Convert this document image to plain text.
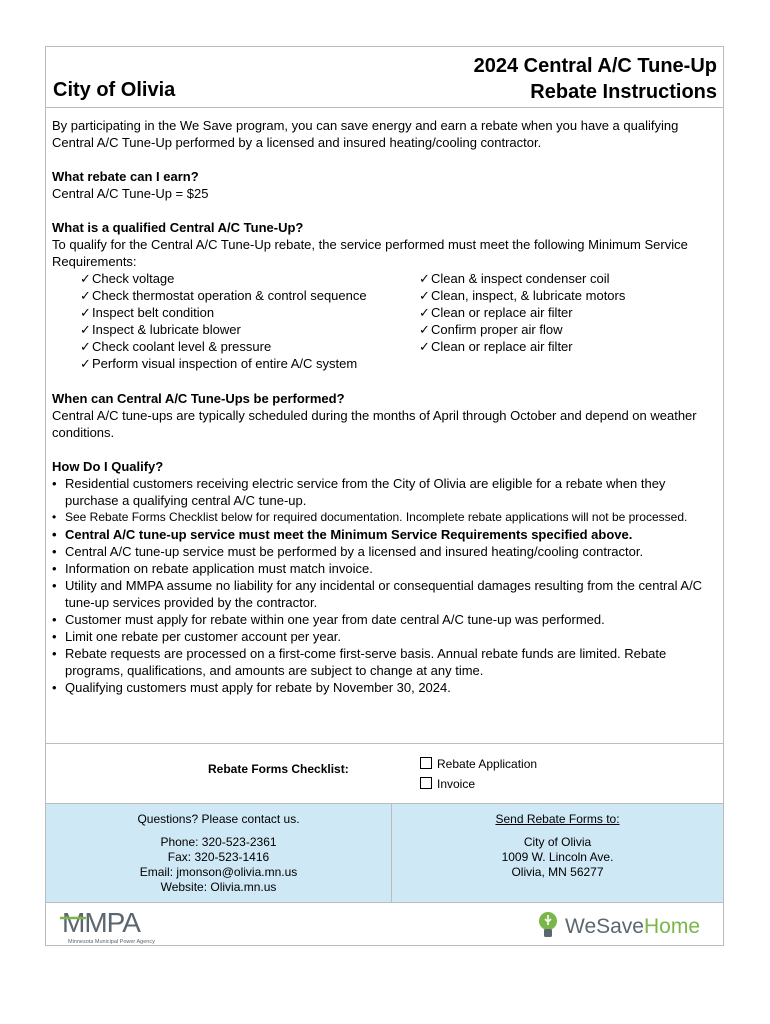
City of Olivia
2024 Central A/C Tune-Up
Rebate Instructions

By participating in the We Save program, you can save energy and earn a rebate when you have a qualifying Central A/C Tune-Up performed by a licensed and insured heating/cooling contractor.

What rebate can I earn?

Central A/C Tune-Up = $25

What is a qualified Central A/C Tune-Up?

To qualify for the Central A/C Tune-Up rebate, the service performed must meet the following Minimum Service Requirements:

✓Check voltage
✓Check thermostat operation & control sequence
✓Inspect belt condition
✓Inspect & lubricate blower
✓Check coolant level & pressure
✓Perform visual inspection of entire A/C system
✓Clean & inspect condenser coil
✓Clean, inspect, & lubricate motors
✓Clean or replace air filter
✓Confirm proper air flow
✓Clean or replace air filter

When can Central A/C Tune-Ups be performed?

Central A/C tune-ups are typically scheduled during the months of April through October and depend on weather conditions.

How Do I Qualify?

• Residential customers receiving electric service from the City of Olivia are eligible for a rebate when they purchase a qualifying central A/C tune-up.
• See Rebate Forms Checklist below for required documentation. Incomplete rebate applications will not be processed.
• Central A/C tune-up service must meet the Minimum Service Requirements specified above.
• Central A/C tune-up service must be performed by a licensed and insured heating/cooling contractor.
• Information on rebate application must match invoice.
• Utility and MMPA assume no liability for any incidental or consequential damages resulting from the central A/C tune-up services provided by the contractor.
• Customer must apply for rebate within one year from date central A/C tune-up was performed.
• Limit one rebate per customer account per year.
• Rebate requests are processed on a first-come first-serve basis. Annual rebate funds are limited. Rebate programs, qualifications, and amounts are subject to change at any time.
• Qualifying customers must apply for rebate by November 30, 2024.
Rebate Forms Checklist:	Rebate Application
Invoice
Questions? Please contact us.
Phone: 320-523-2361
Fax: 320-523-1416
Email: jmonson@olivia.mn.us
Website: Olivia.mn.us
Send Rebate Forms to:
City of Olivia
1009 W. Lincoln Ave.
Olivia, MN 56277
MMPA
Minnesota Municipal Power Agency
WeSaveHome
